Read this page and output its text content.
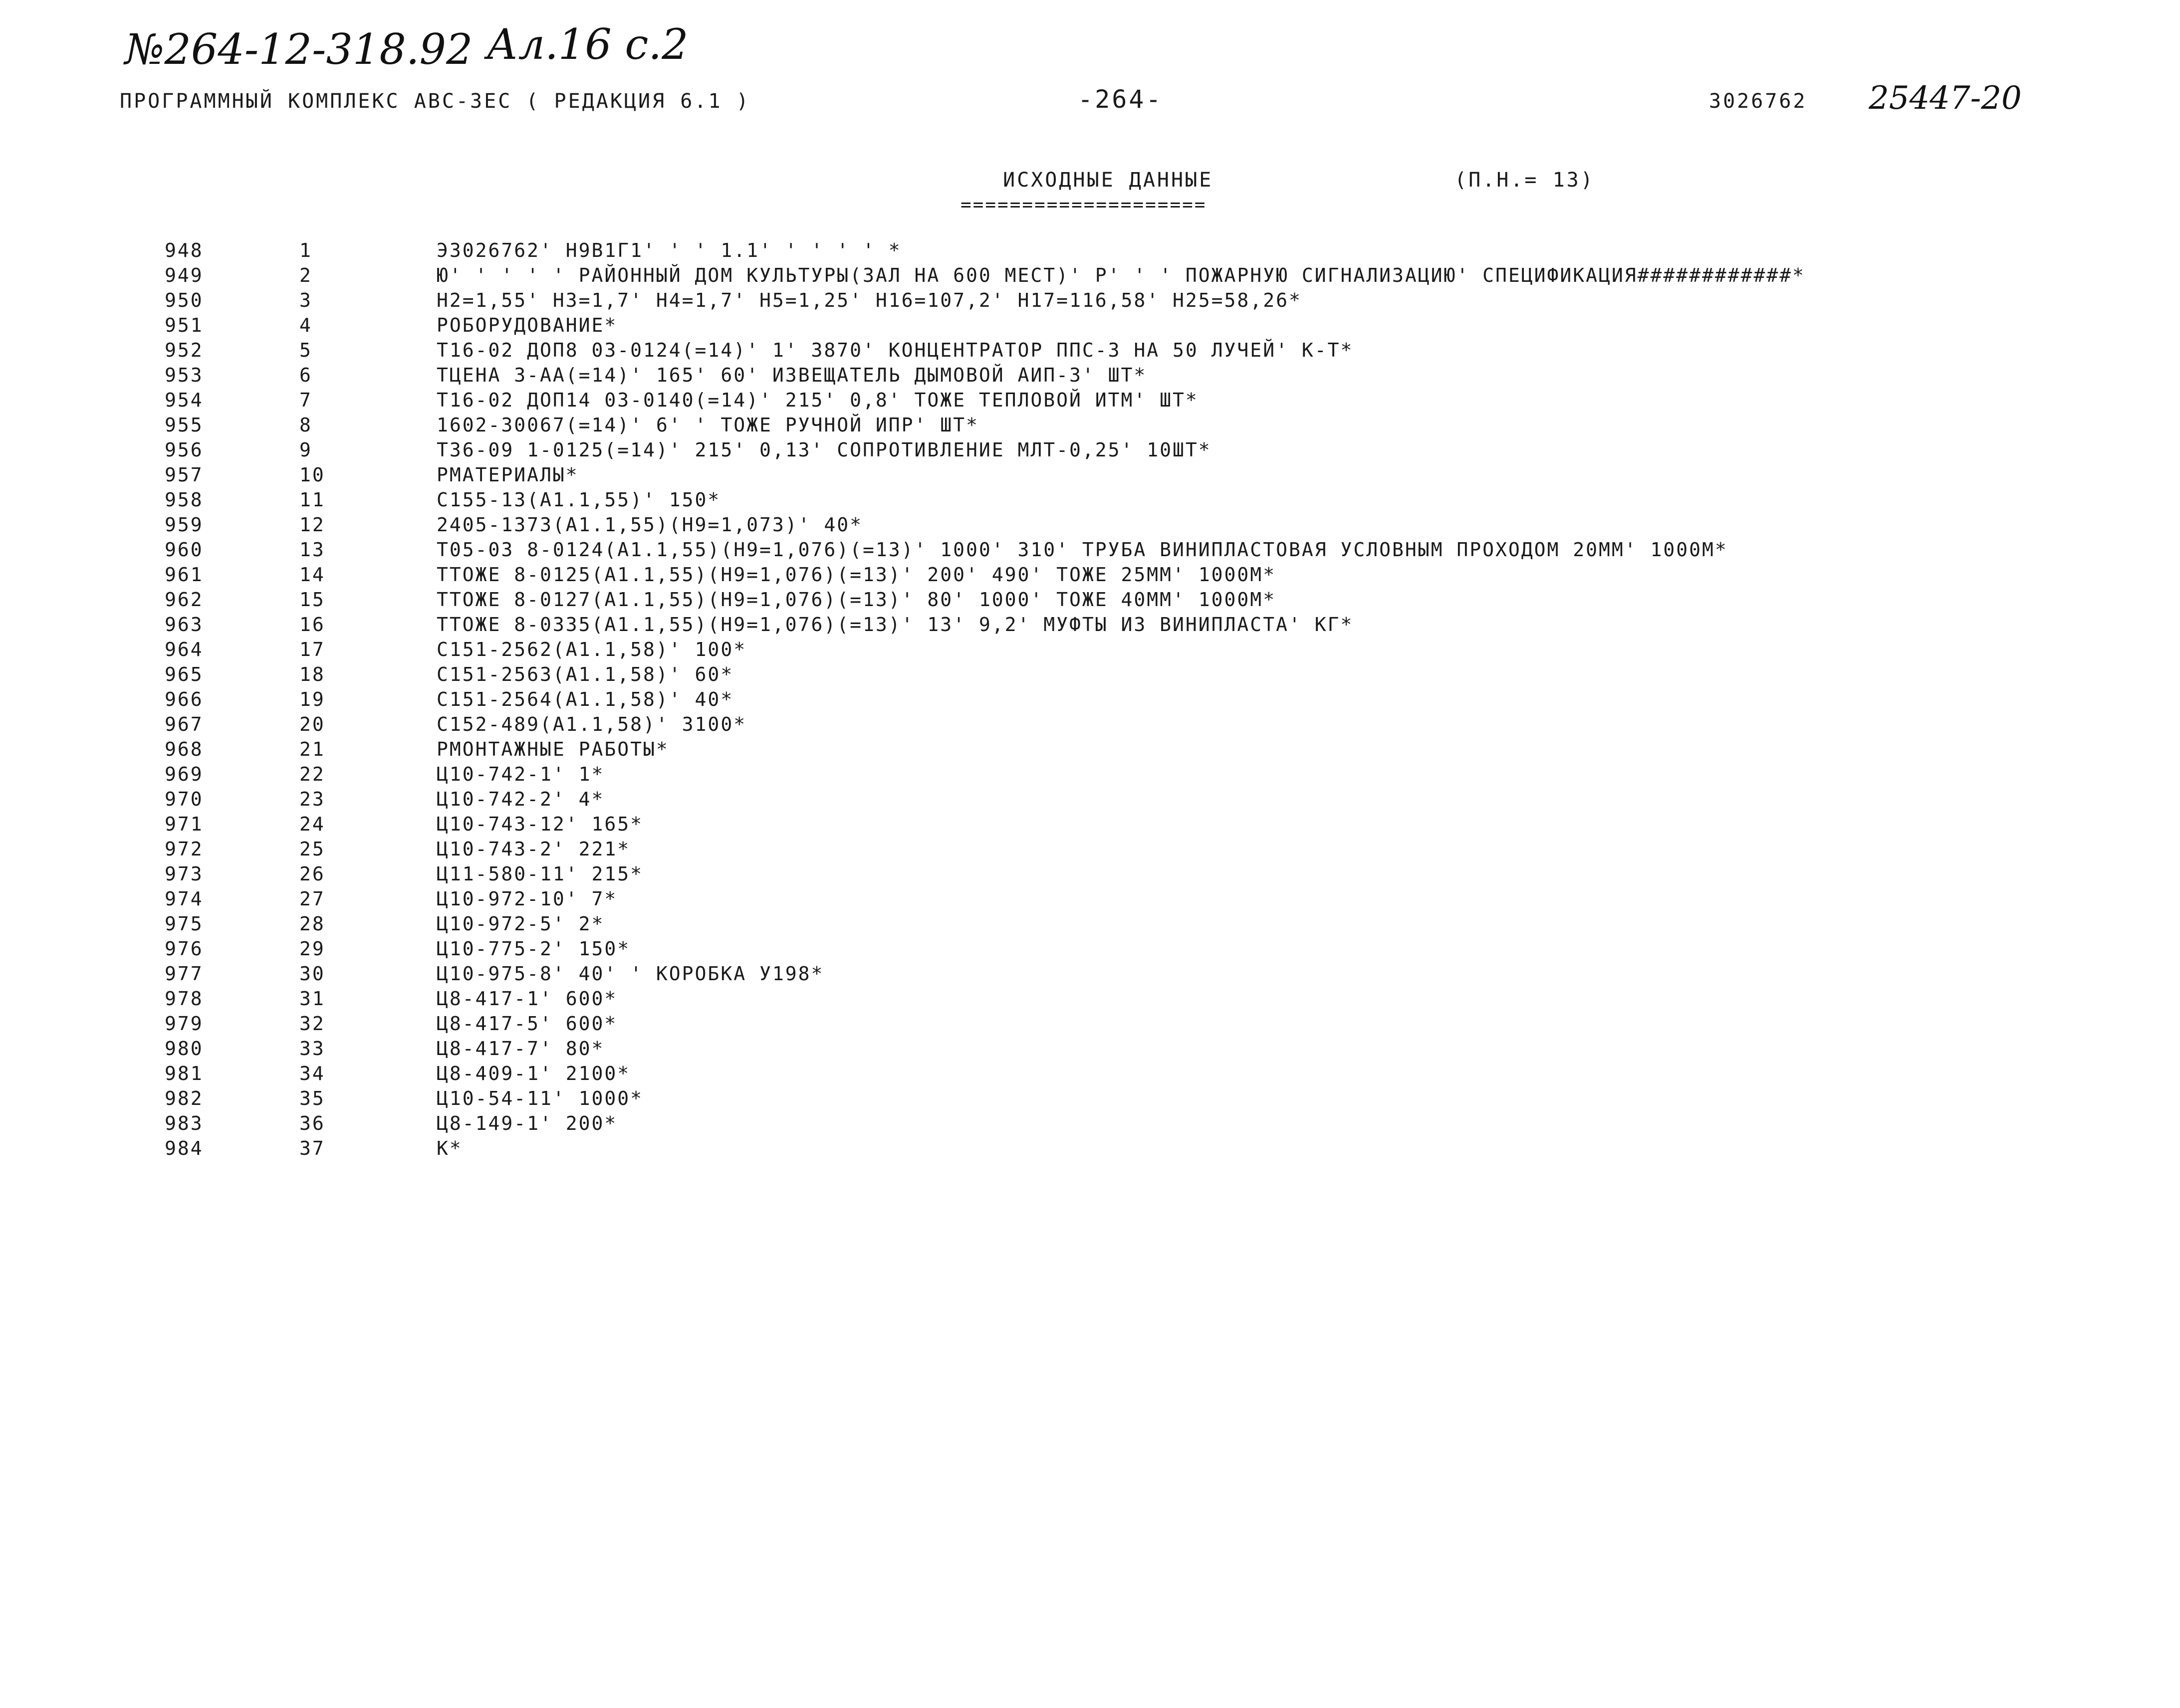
№264-12-318.92 Ал.16 с.2
25447-20
ПРОГРАММНЫЙ КОМПЛЕКС АВС-3ЕС ( РЕДАКЦИЯ 6.1 )	-264-	3026762
ИСХОДНЫЕ ДАННЫЕ
====================
(П.Н.= 13)
948	1	Э3026762' Н9В1Г1' ' ' 1.1' ' ' ' ' *
949	2	Ю' ' ' ' ' РАЙОННЫЙ ДОМ КУЛЬТУРЫ(ЗАЛ НА 600 МЕСТ)' Р' ' ' ПОЖАРНУЮ СИГНАЛИЗАЦИЮ' СПЕЦИФИКАЦИЯ############*
950	3	Н2=1,55' Н3=1,7' Н4=1,7' Н5=1,25' Н16=107,2' Н17=116,58' Н25=58,26*
951	4	РОБОРУДОВАНИЕ*
952	5	Т16-02 ДОП8 03-0124(=14)' 1' 3870' КОНЦЕНТРАТОР ППС-3 НА 50 ЛУЧЕЙ' К-Т*
953	6	ТЦЕНА 3-АА(=14)' 165' 60' ИЗВЕЩАТЕЛЬ ДЫМОВОЙ АИП-3' ШТ*
954	7	Т16-02 ДОП14 03-0140(=14)' 215' 0,8' ТОЖЕ ТЕПЛОВОЙ ИТМ' ШТ*
955	8	1602-30067(=14)' 6' ' ТОЖЕ РУЧНОЙ ИПР' ШТ*
956	9	Т36-09 1-0125(=14)' 215' 0,13' СОПРОТИВЛЕНИЕ МЛТ-0,25' 10ШТ*
957	10	РМАТЕРИАЛЫ*
958	11	С155-13(А1.1,55)' 150*
959	12	2405-1373(А1.1,55)(Н9=1,073)' 40*
960	13	Т05-03 8-0124(А1.1,55)(Н9=1,076)(=13)' 1000' 310' ТРУБА ВИНИПЛАСТОВАЯ УСЛОВНЫМ ПРОХОДОМ 20ММ' 1000М*
961	14	ТТОЖЕ 8-0125(А1.1,55)(Н9=1,076)(=13)' 200' 490' ТОЖЕ 25ММ' 1000М*
962	15	ТТОЖЕ 8-0127(А1.1,55)(Н9=1,076)(=13)' 80' 1000' ТОЖЕ 40ММ' 1000М*
963	16	ТТОЖЕ 8-0335(А1.1,55)(Н9=1,076)(=13)' 13' 9,2' МУФТЫ ИЗ ВИНИПЛАСТА' КГ*
964	17	С151-2562(А1.1,58)' 100*
965	18	С151-2563(А1.1,58)' 60*
966	19	С151-2564(А1.1,58)' 40*
967	20	С152-489(А1.1,58)' 3100*
968	21	РМОНТАЖНЫЕ РАБОТЫ*
969	22	Ц10-742-1' 1*
970	23	Ц10-742-2' 4*
971	24	Ц10-743-12' 165*
972	25	Ц10-743-2' 221*
973	26	Ц11-580-11' 215*
974	27	Ц10-972-10' 7*
975	28	Ц10-972-5' 2*
976	29	Ц10-775-2' 150*
977	30	Ц10-975-8' 40' ' КОРОБКА У198*
978	31	Ц8-417-1' 600*
979	32	Ц8-417-5' 600*
980	33	Ц8-417-7' 80*
981	34	Ц8-409-1' 2100*
982	35	Ц10-54-11' 1000*
983	36	Ц8-149-1' 200*
984	37	К*
